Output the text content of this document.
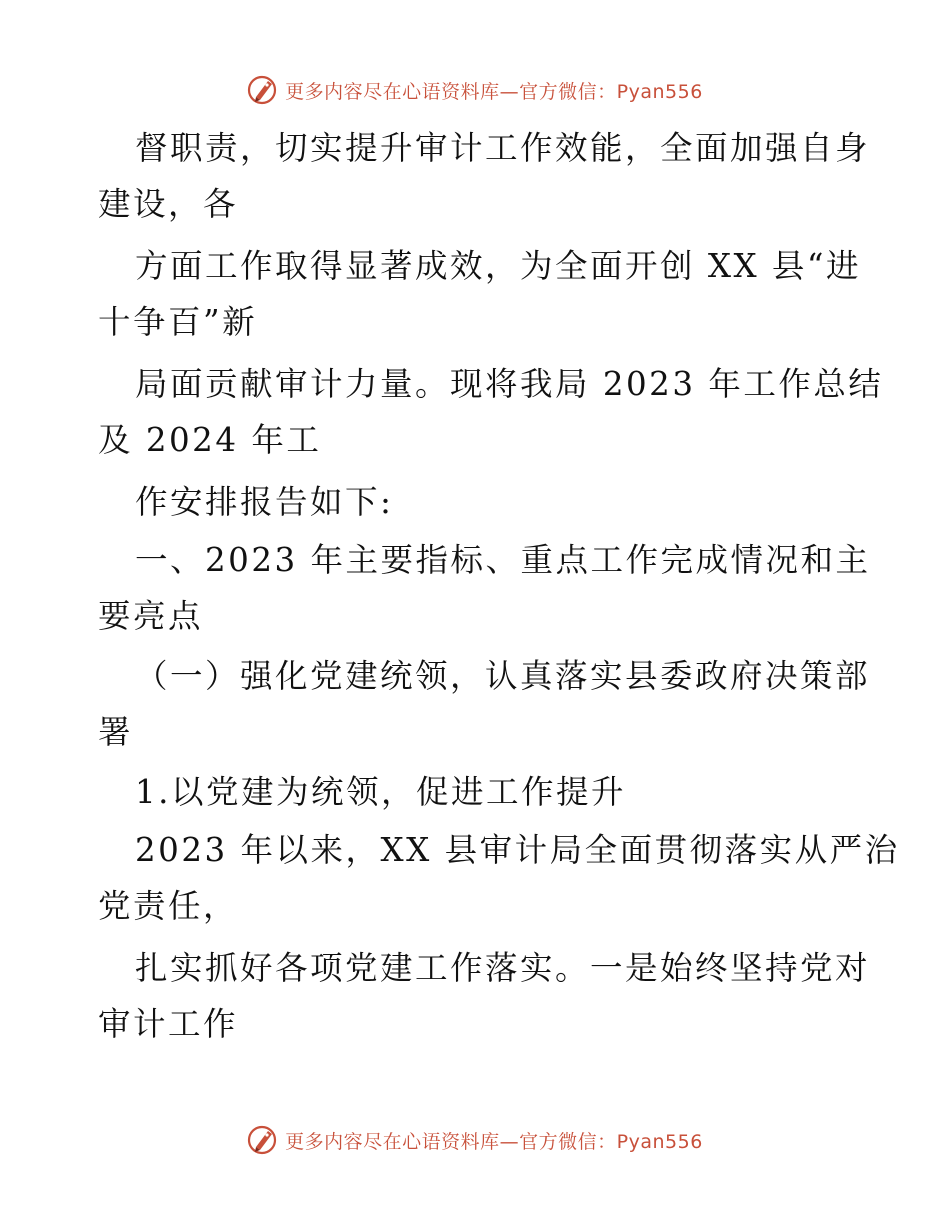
更多内容尽在心语资料库—官方微信：Pyan556
督职责，切实提升审计工作效能，全面加强自身
建设，各
方面工作取得显著成效，为全面开创 XX 县“进
十争百”新
局面贡献审计力量。现将我局 2023 年工作总结
及 2024 年工
作安排报告如下:
一、2023 年主要指标、重点工作完成情况和主
要亮点
（一）强化党建统领，认真落实县委政府决策部
署
1.以党建为统领，促进工作提升
2023 年以来，XX 县审计局全面贯彻落实从严治
党责任，
扎实抓好各项党建工作落实。一是始终坚持党对
审计工作
更多内容尽在心语资料库—官方微信：Pyan556
